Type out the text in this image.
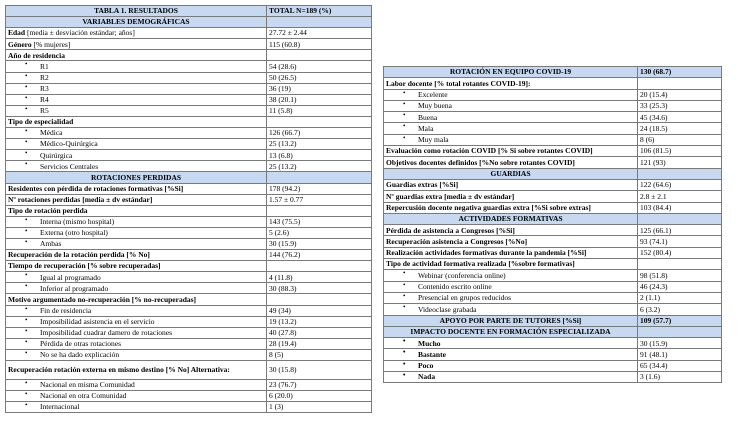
TABLA 1. RESULTADOS	TOTAL N=189 (%)
VARIABLES DEMOGRÁFICAS	
Edad [media ± desviación estándar; años]	27.72 ± 2.44
Género [% mujeres]	115 (60.8)
Año de residencia	

• R1	54 (28.6)

• R2	50 (26.5)

• R3	36 (19)

• R4	38 (20.1)

• R5	11 (5.8)
Tipo de especialidad	

• Médica	126 (66.7)

• Médico-Quirúrgica	25 (13.2)

• Quirúrgica	13 (6.8)

• Servicios Centrales	25 (13.2)
ROTACIONES PERDIDAS	
Residentes con pérdida de rotaciones formativas [%Si]	178 (94.2)
Nº rotaciones perdidas [media ± dv estándar]	1.57 ± 0.77
Tipo de rotación perdida	

• Interna (mismo hospital)	143 (75.5)

• Externa (otro hospital)	5 (2.6)

• Ambas	30 (15.9)
Recuperación de la rotación perdida [% No]	144 (76.2)
Tiempo de recuperación [% sobre recuperadas]	

• Igual al programado	4 (11.8)

• Inferior al programado	30 (88.3)
Motivo argumentado no-recuperación [% no-recuperadas]	

• Fin de residencia	49 (34)

• Imposibilidad asistencia en el servicio	19 (13.2)

• Imposibilidad cuadrar damero de rotaciones	40 (27.8)

• Pérdida de otras rotaciones	28 (19.4)

• No se ha dado explicación	8 (5)
Recuperación rotación externa en mismo destino [% No] Alternativa:	30 (15.8)

• Nacional en misma Comunidad	23 (76.7)

• Nacional en otra Comunidad	6 (20.0)

• Internacional	1 (3)
ROTACIÓN EN EQUIPO COVID-19	130 (68.7)
Labor docente [% total rotantes COVID-19]:	

• Excelente	20 (15.4)

• Muy buena	33 (25.3)

• Buena	45 (34.6)

• Mala	24 (18.5)

• Muy mala	8 (6)
Evaluación como rotación COVID [% Si sobre rotantes COVID]	106 (81.5)
Objetivos docentes definidos [%No sobre rotantes COVID]	121 (93)
GUARDIAS	
Guardias extras [%Si]	122 (64.6)
Nº guardias extra [media ± dv estándar]	2.8 ± 2.1
Repercusión docente negativa guardias extra [%Si sobre extras]	103 (84.4)
ACTIVIDADES FORMATIVAS	
Pérdida de asistencia a Congresos [%Si]	125 (66.1)
Recuperación asistencia a Congresos [%No]	93 (74.1)
Realización actividades formativas durante la pandemia [%Si]	152 (80.4)
Tipo de actividad formativa realizada [%sobre formativas]	

• Webinar (conferencia online)	98 (51.8)

• Contenido escrito online	46 (24.3)

• Presencial en grupos reducidos	2 (1.1)

• Videoclase grabada	6 (3.2)
APOYO POR PARTE DE TUTORES [%Si]	109 (57.7)
IMPACTO DOCENTE EN FORMACIÓN ESPECIALIZADA	

• Mucho	30 (15.9)

• Bastante	91 (48.1)

• Poco	65 (34.4)

• Nada	3 (1.6)
